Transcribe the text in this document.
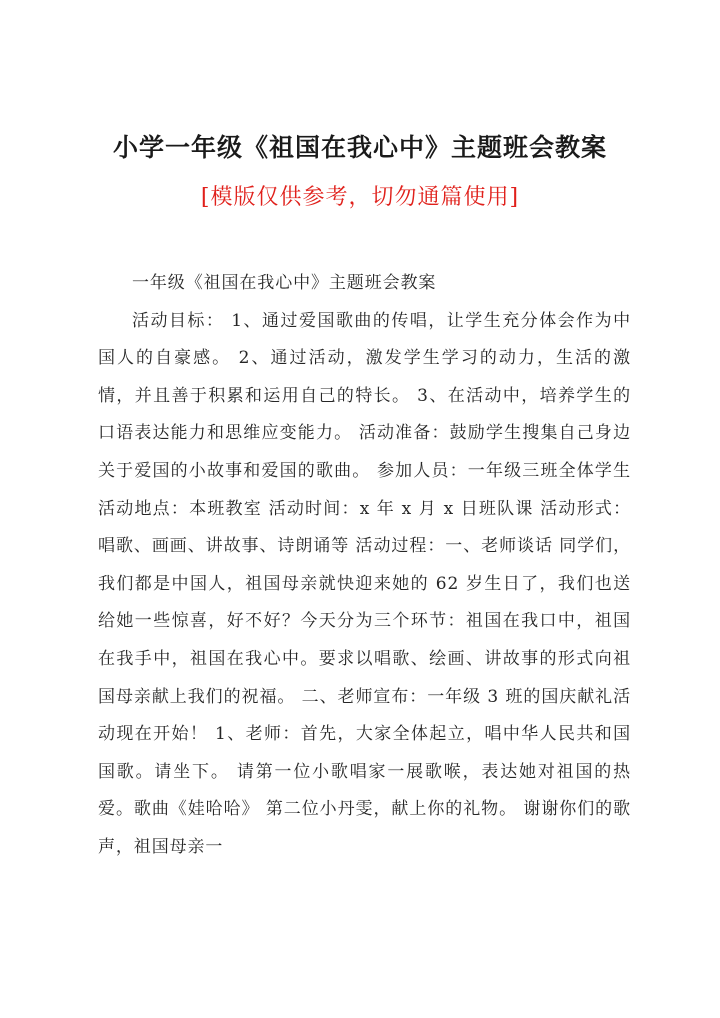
小学一年级《祖国在我心中》主题班会教案
[模版仅供参考，切勿通篇使用]

一年级《祖国在我心中》主题班会教案

活动目标： 1、通过爱国歌曲的传唱，让学生充分体会作为中国人的自豪感。 2、通过活动，激发学生学习的动力，生活的激情，并且善于积累和运用自己的特长。 3、在活动中，培养学生的口语表达能力和思维应变能力。 活动准备：鼓励学生搜集自己身边关于爱国的小故事和爱国的歌曲。 参加人员：一年级三班全体学生 活动地点：本班教室 活动时间：x 年 x 月 x 日班队课 活动形式：唱歌、画画、讲故事、诗朗诵等 活动过程：一、老师谈话 同学们，我们都是中国人，祖国母亲就快迎来她的 62 岁生日了，我们也送给她一些惊喜，好不好？今天分为三个环节：祖国在我口中，祖国在我手中，祖国在我心中。要求以唱歌、绘画、讲故事的形式向祖国母亲献上我们的祝福。 二、老师宣布：一年级 3 班的国庆献礼活动现在开始！ 1、老师：首先，大家全体起立，唱中华人民共和国国歌。请坐下。 请第一位小歌唱家一展歌喉，表达她对祖国的热爱。歌曲《娃哈哈》 第二位小丹雯，献上你的礼物。 谢谢你们的歌声，祖国母亲一
